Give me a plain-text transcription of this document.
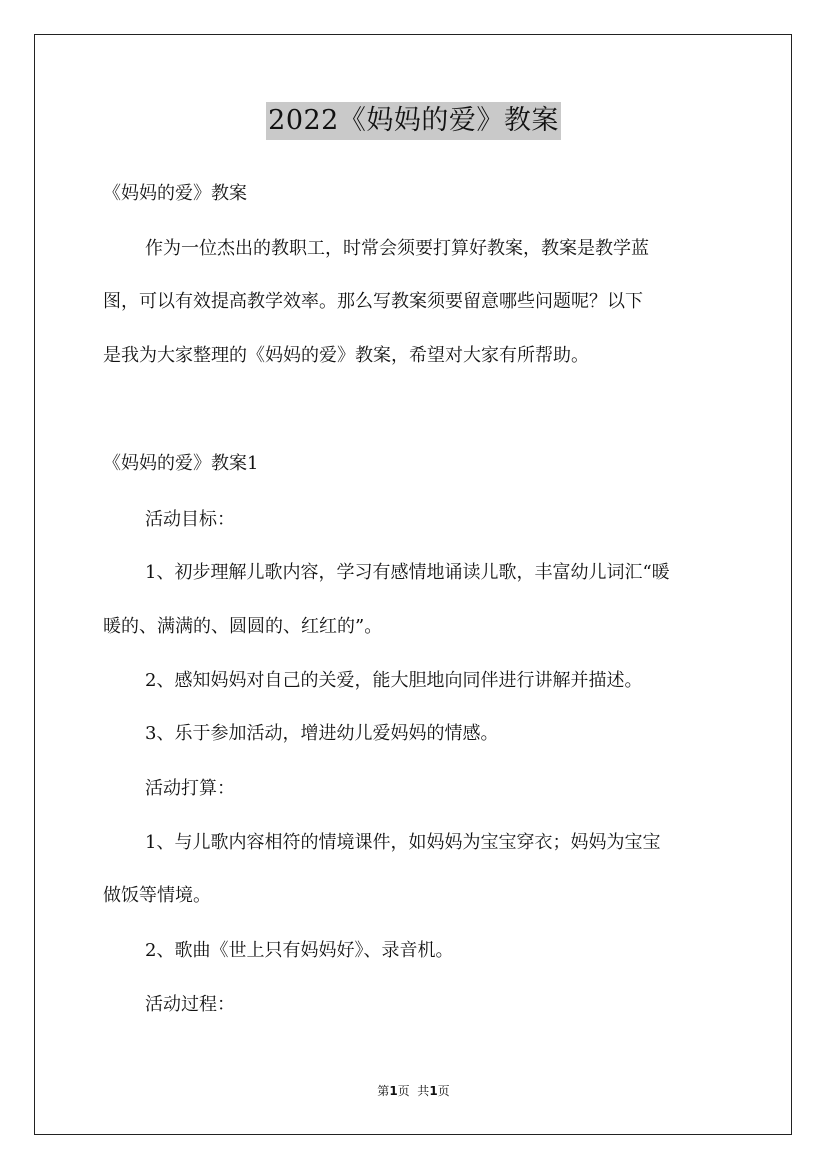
2022《妈妈的爱》教案
《妈妈的爱》教案
作为一位杰出的教职工，时常会须要打算好教案，教案是教学蓝
图，可以有效提高教学效率。那么写教案须要留意哪些问题呢？以下
是我为大家整理的《妈妈的爱》教案，希望对大家有所帮助。
《妈妈的爱》教案1
活动目标：
1、初步理解儿歌内容，学习有感情地诵读儿歌，丰富幼儿词汇“暖
暖的、满满的、圆圆的、红红的”。
2、感知妈妈对自己的关爱，能大胆地向同伴进行讲解并描述。
3、乐于参加活动，增进幼儿爱妈妈的情感。
活动打算：
1、与儿歌内容相符的情境课件，如妈妈为宝宝穿衣；妈妈为宝宝
做饭等情境。
2、歌曲《世上只有妈妈好》、录音机。
活动过程：
第1页  共1页
